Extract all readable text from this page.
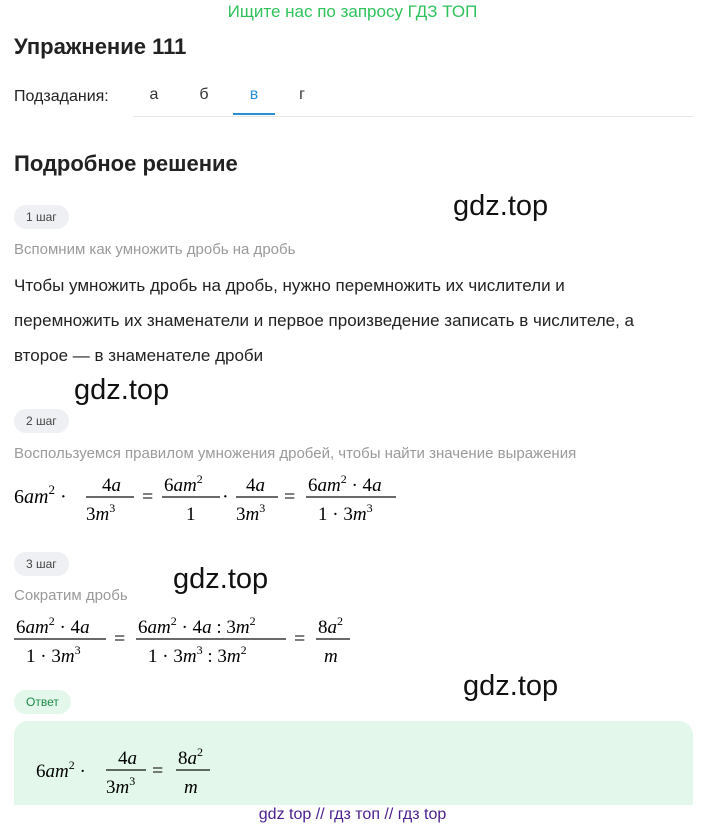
Ищите нас по запросу ГДЗ ТОП
Упражнение 111
Подзадания:	а	б	в	г
Подробное решение
1 шаг
Вспомним как умножить дробь на дробь
Чтобы умножить дробь на дробь, нужно перемножить их числители и
перемножить их знаменатели и первое произведение записать в числителе, а
второе — в знаменателе дроби
2 шаг
Воспользуемся правилом умножения дробей, чтобы найти значение выражения
$6am^2$ ·
4a
$3m^3$ =
$6am^2$
1
·
4a
$3m^3$ =
$6am^2 \cdot 4a$
$1 \cdot 3m^3$
3 шаг
Сократим дробь
$6am^2 \cdot 4a$
$1 \cdot 3m^3$ =
$6am^2 \cdot 4a$ : $3m^2$
$1 \cdot 3m^3$ : $3m^2$ =
$8a^2$
m
Ответ
$6am^2$ ·
4a
$3m^3$ =
$8a^2$
m
gdz.top
gdz.top
gdz.top
gdz.top
gdz top // гдз топ // гдз top
